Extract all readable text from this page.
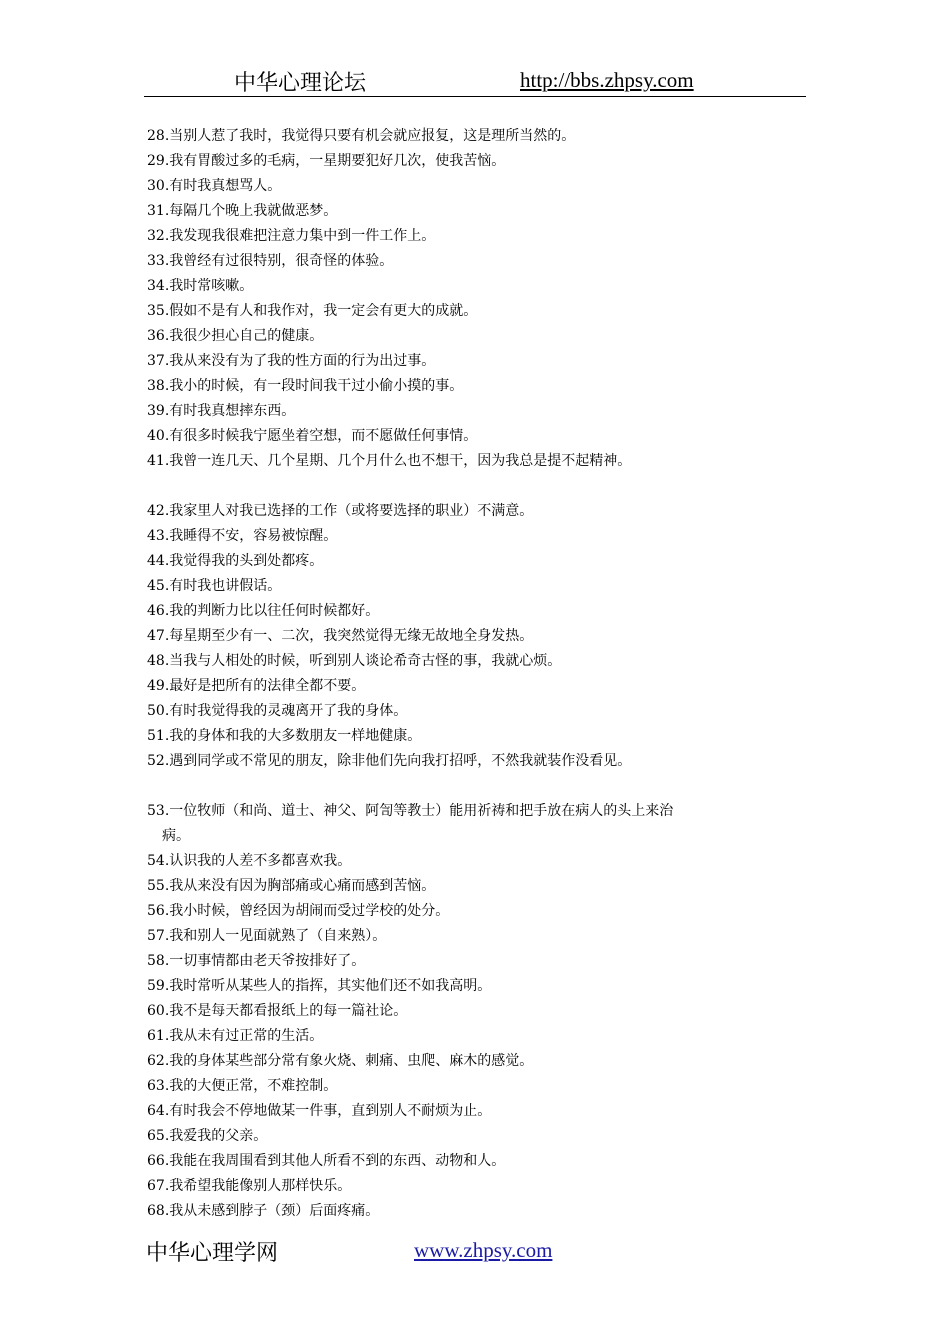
中华心理论坛	http://bbs.zhpsy.com
28.当别人惹了我时，我觉得只要有机会就应报复，这是理所当然的。
29.我有胃酸过多的毛病，一星期要犯好几次，使我苦恼。
30.有时我真想骂人。
31.每隔几个晚上我就做恶梦。
32.我发现我很难把注意力集中到一件工作上。
33.我曾经有过很特别，很奇怪的体验。
34.我时常咳嗽。
35.假如不是有人和我作对，我一定会有更大的成就。
36.我很少担心自己的健康。
37.我从来没有为了我的性方面的行为出过事。
38.我小的时候，有一段时间我干过小偷小摸的事。
39.有时我真想摔东西。
40.有很多时候我宁愿坐着空想，而不愿做任何事情。
41.我曾一连几天、几个星期、几个月什么也不想干，因为我总是提不起精神。
42.我家里人对我已选择的工作（或将要选择的职业）不满意。
43.我睡得不安，容易被惊醒。
44.我觉得我的头到处都疼。
45.有时我也讲假话。
46.我的判断力比以往任何时候都好。
47.每星期至少有一、二次，我突然觉得无缘无故地全身发热。
48.当我与人相处的时候，听到别人谈论希奇古怪的事，我就心烦。
49.最好是把所有的法律全都不要。
50.有时我觉得我的灵魂离开了我的身体。
51.我的身体和我的大多数朋友一样地健康。
52.遇到同学或不常见的朋友，除非他们先向我打招呼，不然我就装作没看见。
53.一位牧师（和尚、道士、神父、阿訇等教士）能用祈祷和把手放在病人的头上来治病。
54.认识我的人差不多都喜欢我。
55.我从来没有因为胸部痛或心痛而感到苦恼。
56.我小时候，曾经因为胡闹而受过学校的处分。
57.我和别人一见面就熟了（自来熟）。
58.一切事情都由老天爷按排好了。
59.我时常听从某些人的指挥，其实他们还不如我高明。
60.我不是每天都看报纸上的每一篇社论。
61.我从未有过正常的生活。
62.我的身体某些部分常有象火烧、刺痛、虫爬、麻木的感觉。
63.我的大便正常，不难控制。
64.有时我会不停地做某一件事，直到别人不耐烦为止。
65.我爱我的父亲。
66.我能在我周围看到其他人所看不到的东西、动物和人。
67.我希望我能像别人那样快乐。
68.我从未感到脖子（颈）后面疼痛。
中华心理学网	www.zhpsy.com
